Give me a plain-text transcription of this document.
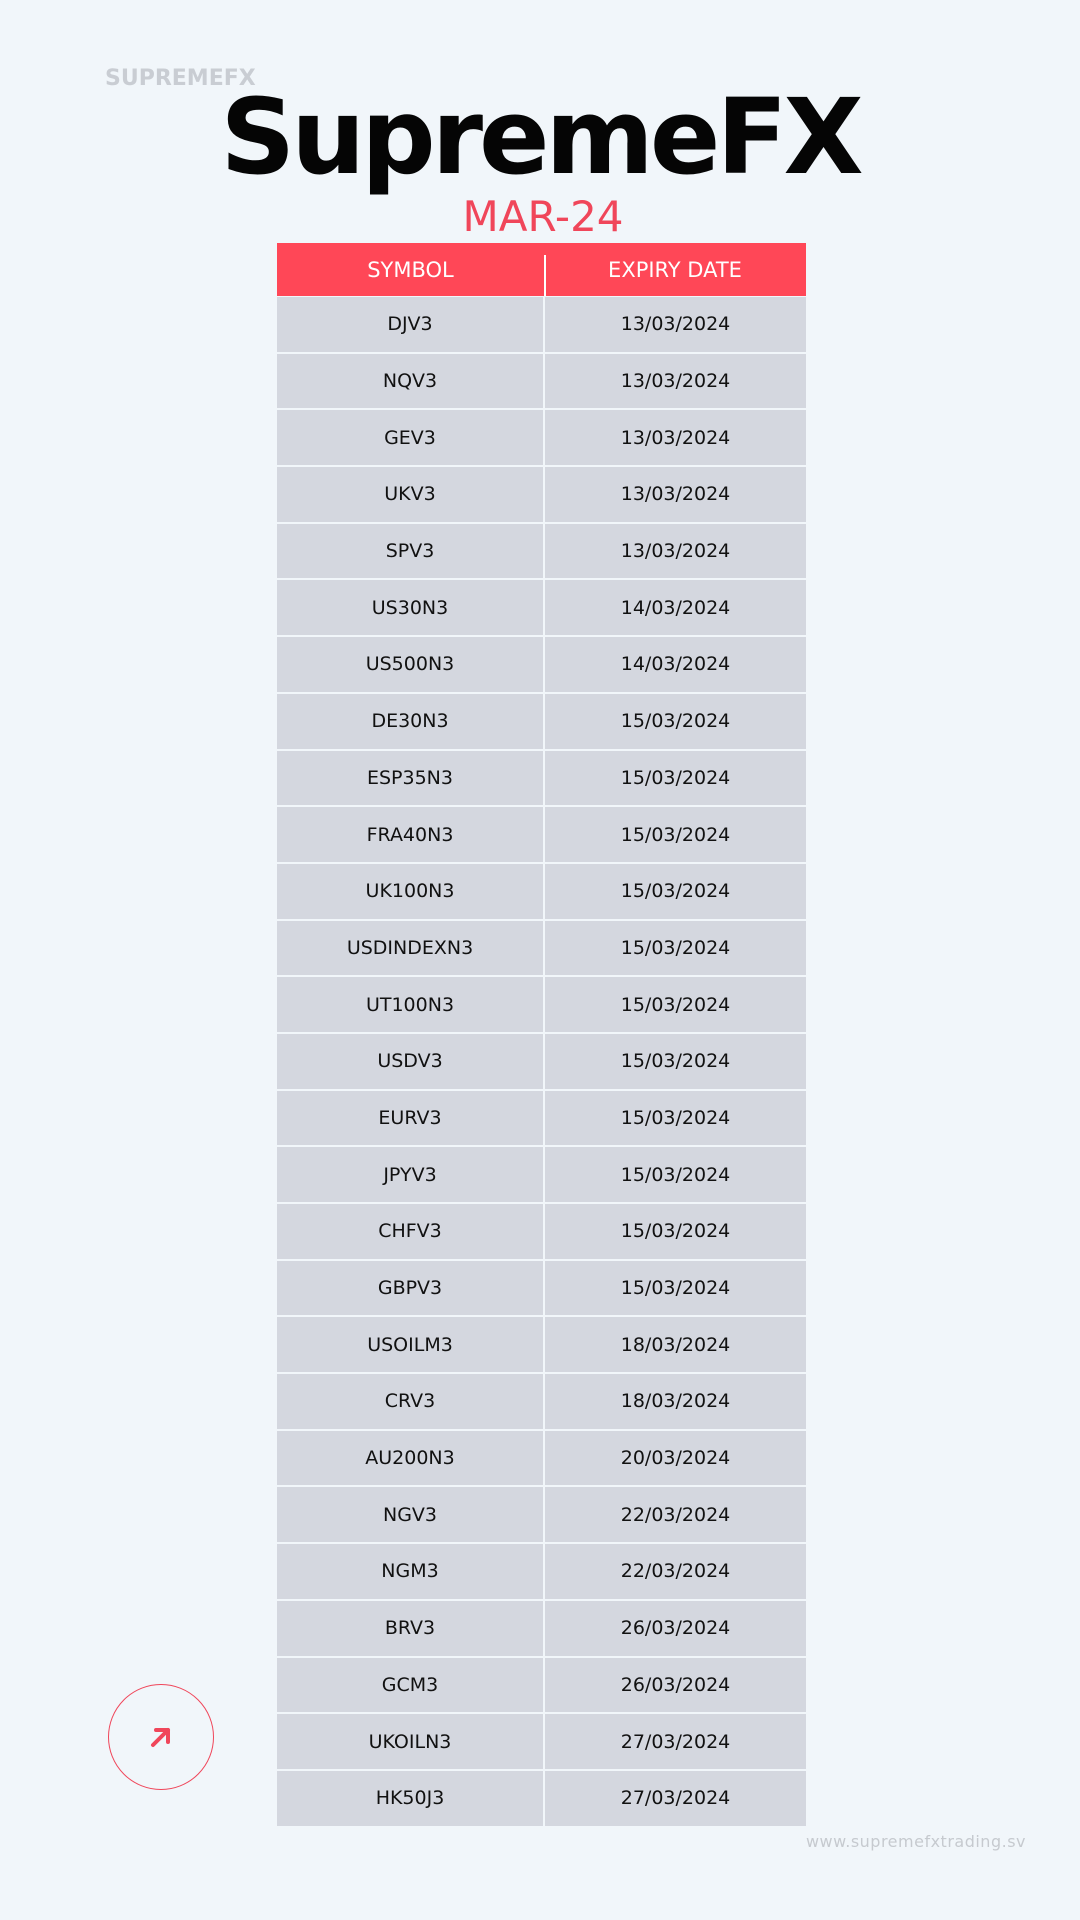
SUPREMEFX
SupremeFX
MAR-24
SYMBOL	EXPIRY DATE
DJV3	13/03/2024
NQV3	13/03/2024
GEV3	13/03/2024
UKV3	13/03/2024
SPV3	13/03/2024
US30N3	14/03/2024
US500N3	14/03/2024
DE30N3	15/03/2024
ESP35N3	15/03/2024
FRA40N3	15/03/2024
UK100N3	15/03/2024
USDINDEXN3	15/03/2024
UT100N3	15/03/2024
USDV3	15/03/2024
EURV3	15/03/2024
JPYV3	15/03/2024
CHFV3	15/03/2024
GBPV3	15/03/2024
USOILM3	18/03/2024
CRV3	18/03/2024
AU200N3	20/03/2024
NGV3	22/03/2024
NGM3	22/03/2024
BRV3	26/03/2024
GCM3	26/03/2024
UKOILN3	27/03/2024
HK50J3	27/03/2024
www.supremefxtrading.sv
